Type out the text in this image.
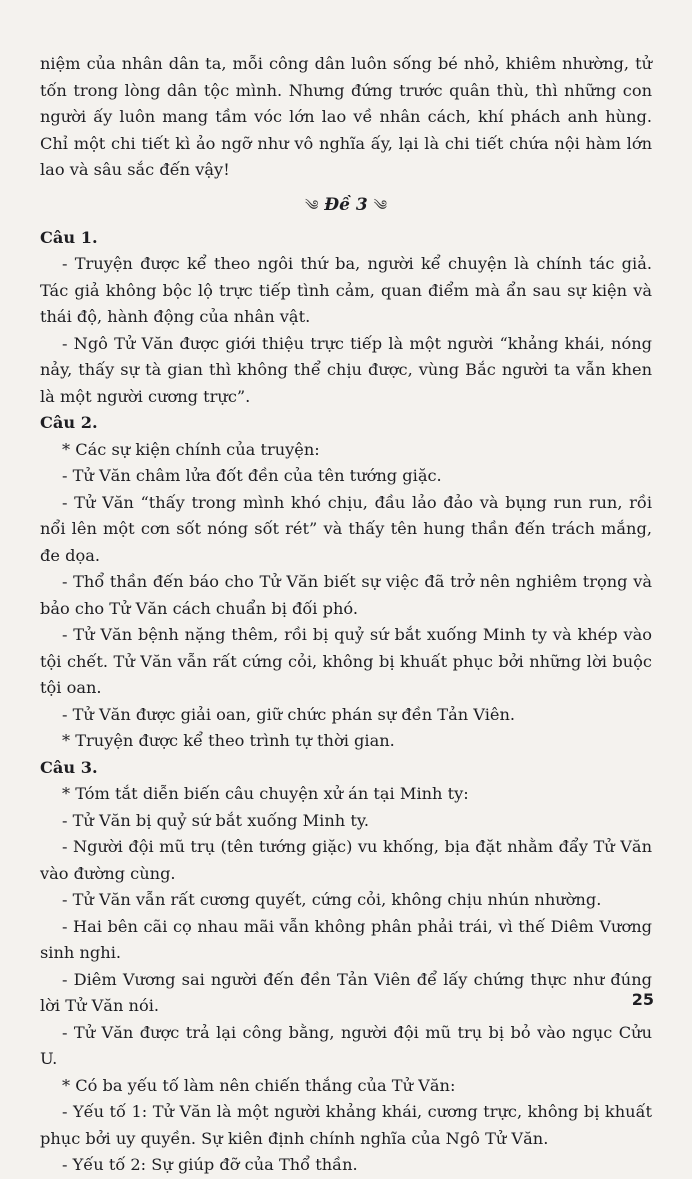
niệm của nhân dân ta, mỗi công dân luôn sống bé nhỏ, khiêm nhường, tử tốn trong lòng dân tộc mình. Nhưng đứng trước quân thù, thì những con người ấy luôn mang tầm vóc lớn lao về nhân cách, khí phách anh hùng. Chỉ một chi tiết kì ảo ngỡ như vô nghĩa ấy, lại là chi tiết chứa nội hàm lớn lao và sâu sắc đến vậy!

༄ Đề 3 ༄

Câu 1.

- Truyện được kể theo ngôi thứ ba, người kể chuyện là chính tác giả. Tác giả không bộc lộ trực tiếp tình cảm, quan điểm mà ẩn sau sự kiện và thái độ, hành động của nhân vật.

- Ngô Tử Văn được giới thiệu trực tiếp là một người “khảng khái, nóng nảy, thấy sự tà gian thì không thể chịu được, vùng Bắc người ta vẫn khen là một người cương trực”.

Câu 2.

* Các sự kiện chính của truyện:

- Tử Văn châm lửa đốt đền của tên tướng giặc.

- Tử Văn “thấy trong mình khó chịu, đầu lảo đảo và bụng run run, rồi nổi lên một cơn sốt nóng sốt rét” và thấy tên hung thần đến trách mắng, đe dọa.

- Thổ thần đến báo cho Tử Văn biết sự việc đã trở nên nghiêm trọng và bảo cho Tử Văn cách chuẩn bị đối phó.

- Tử Văn bệnh nặng thêm, rồi bị quỷ sứ bắt xuống Minh ty và khép vào tội chết. Tử Văn vẫn rất cứng cỏi, không bị khuất phục bởi những lời buộc tội oan.

- Tử Văn được giải oan, giữ chức phán sự đền Tản Viên.

* Truyện được kể theo trình tự thời gian.

Câu 3.

* Tóm tắt diễn biến câu chuyện xử án tại Minh ty:

- Tử Văn bị quỷ sứ bắt xuống Minh ty.

- Người đội mũ trụ (tên tướng giặc) vu khống, bịa đặt nhằm đẩy Tử Văn vào đường cùng.

- Tử Văn vẫn rất cương quyết, cứng cỏi, không chịu nhún nhường.

- Hai bên cãi cọ nhau mãi vẫn không phân phải trái, vì thế Diêm Vương sinh nghi.

- Diêm Vương sai người đến đền Tản Viên để lấy chứng thực như đúng lời Tử Văn nói.

- Tử Văn được trả lại công bằng, người đội mũ trụ bị bỏ vào ngục Cửu U.

* Có ba yếu tố làm nên chiến thắng của Tử Văn:

- Yếu tố 1: Tử Văn là một người khảng khái, cương trực, không bị khuất phục bởi uy quyền. Sự kiên định chính nghĩa của Ngô Tử Văn.

- Yếu tố 2: Sự giúp đỡ của Thổ thần.

25
